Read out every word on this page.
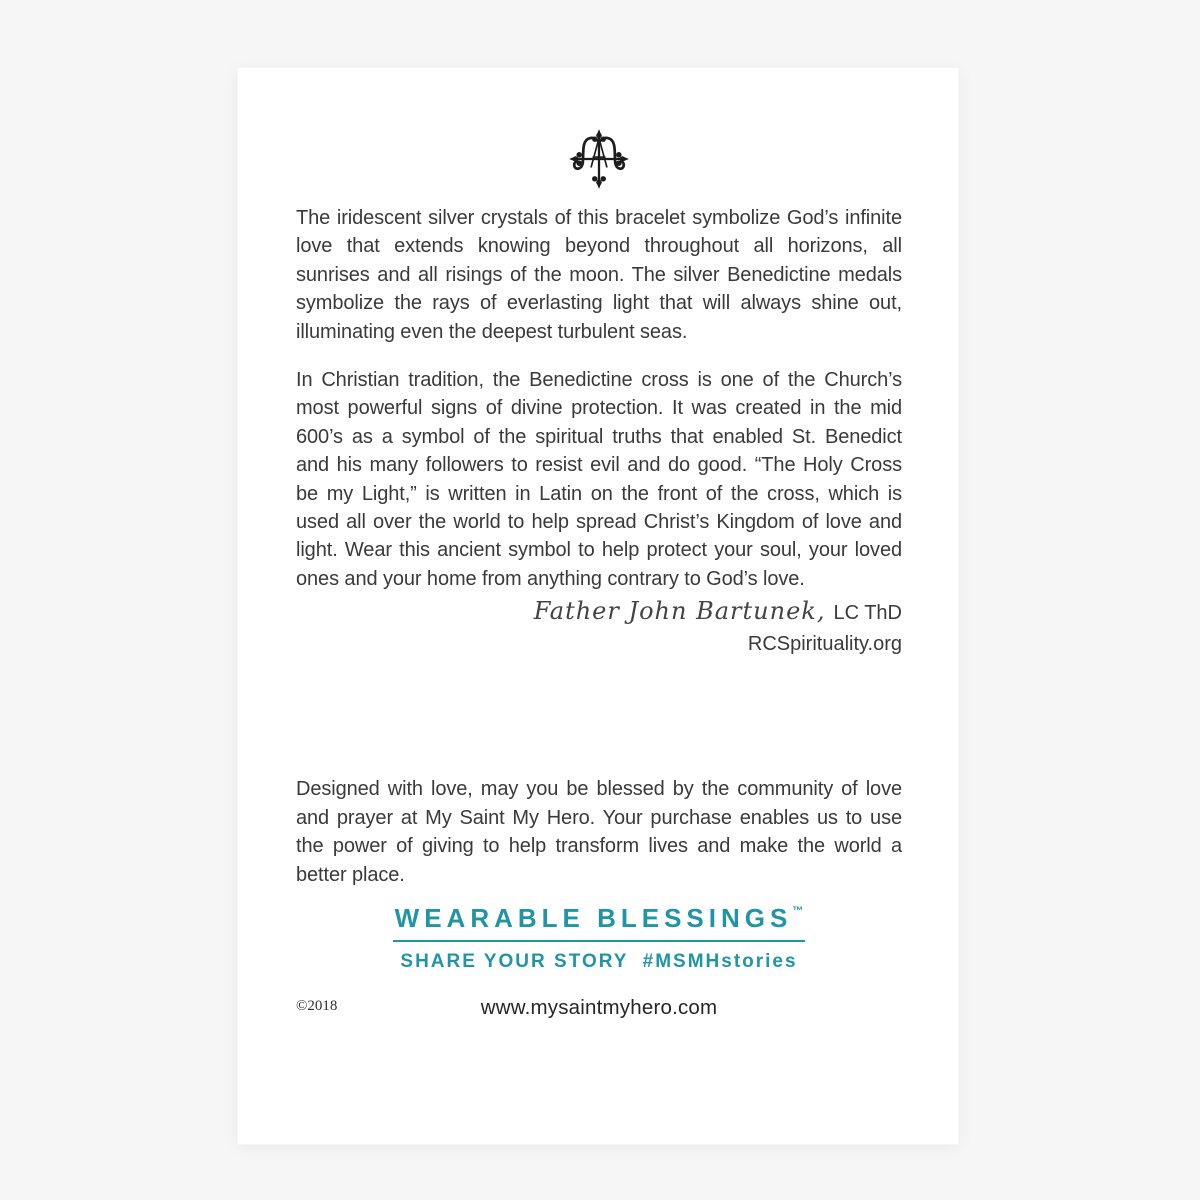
The iridescent silver crystals of this bracelet symbolize God’s infinite love that extends knowing beyond throughout all horizons, all sunrises and all risings of the moon. The silver Benedictine medals symbolize the rays of everlasting light that will always shine out, illuminating even the deepest turbulent seas.

In Christian tradition, the Benedictine cross is one of the Church’s most powerful signs of divine protection. It was created in the mid 600’s as a symbol of the spiritual truths that enabled St. Benedict and his many followers to resist evil and do good. “The Holy Cross be my Light,” is written in Latin on the front of the cross, which is used all over the world to help spread Christ’s Kingdom of love and light. Wear this ancient symbol to help protect your soul, your loved ones and your home from anything contrary to God’s love.

Father John Bartunek, LC ThD
RCSpirituality.org

Designed with love, may you be blessed by the community of love and prayer at My Saint My Hero. Your purchase enables us to use the power of giving to help transform lives and make the world a better place.

WEARABLE BLESSINGS™
SHARE YOUR STORY  #MSMHstories
©2018	www.mysaintmyhero.com
